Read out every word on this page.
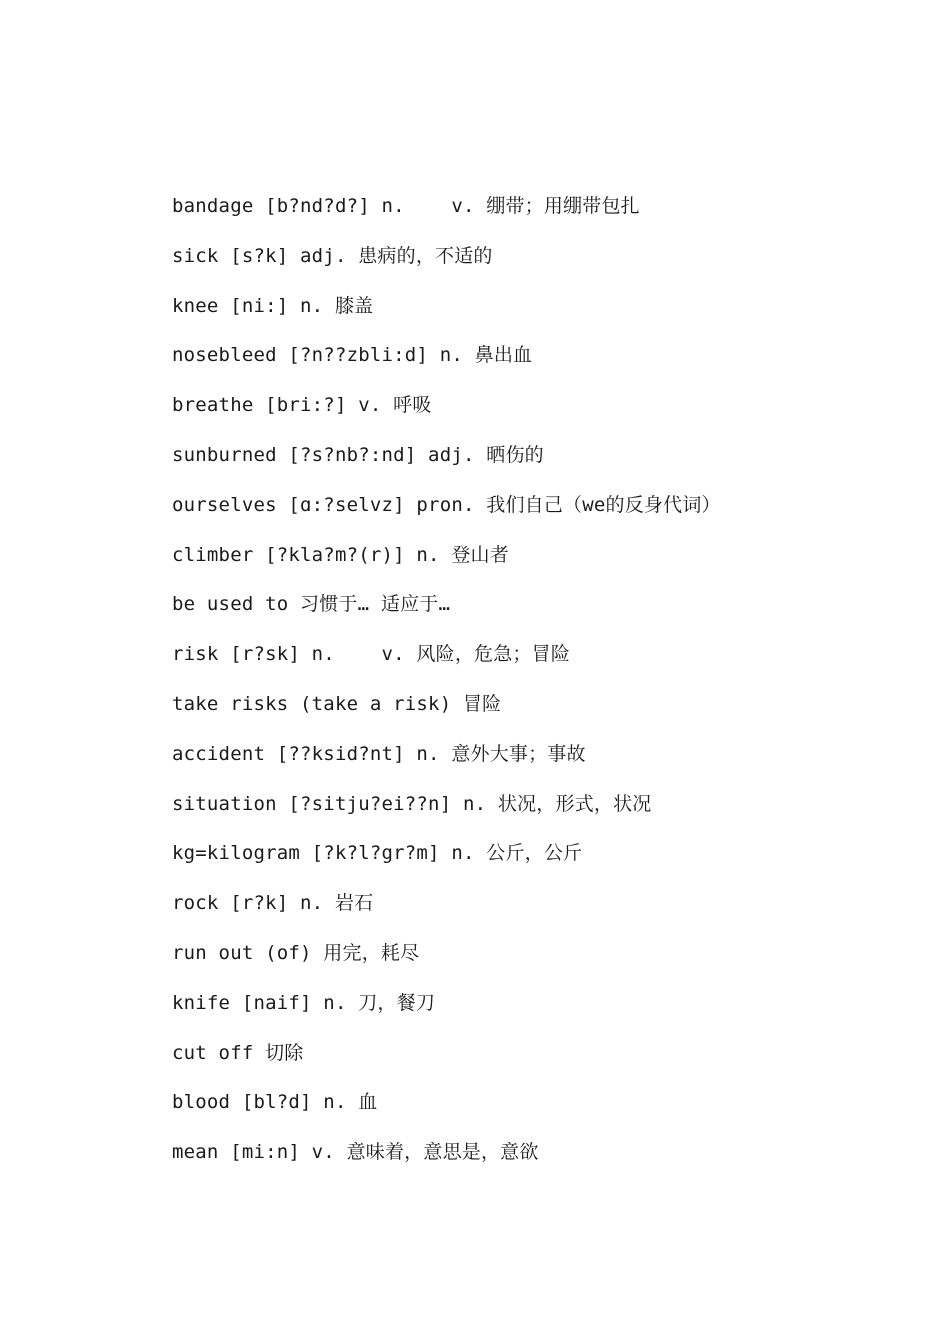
bandage [b?nd?d?] n.    v. 绷带；用绷带包扎
sick [s?k] adj. 患病的，不适的
knee [ni:] n. 膝盖
nosebleed [?n??zbli:d] n. 鼻出血
breathe [bri:?] v. 呼吸
sunburned [?s?nb?:nd] adj. 晒伤的
ourselves [ɑ:?selvz] pron. 我们自己（we的反身代词）
climber [?kla?m?(r)] n. 登山者
be used to 习惯于… 适应于…
risk [r?sk] n.    v. 风险，危急；冒险
take risks (take a risk) 冒险
accident [??ksid?nt] n. 意外大事；事故
situation [?sitju?ei??n] n. 状况，形式，状况
kg=kilogram [?k?l?gr?m] n. 公斤，公斤
rock [r?k] n. 岩石
run out (of) 用完，耗尽
knife [naif] n. 刀，餐刀
cut off 切除
blood [bl?d] n. 血
mean [mi:n] v. 意味着，意思是，意欲
